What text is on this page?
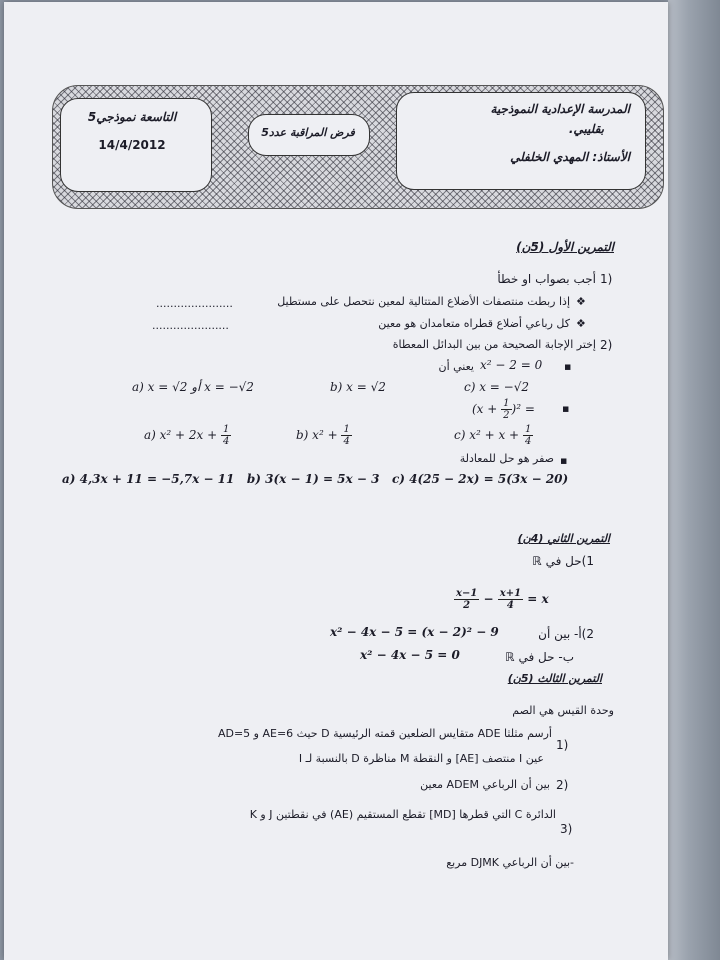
التاسعة نموذجي5
14/4/2012
فرض المراقبة عدد5
المدرسة الإعدادية النموذجية
بقليبي.
الأستاذ: المهدي الخلفلي
التمرين الأول (5ن)
1)
أجب بصواب او خطأ
❖
إذا ربطت منتصفات الأضلاع المتتالية لمعين نتحصل على مستطيل
......................
❖
كل رباعي أضلاع قطراه متعامدان هو معين
......................
2)
إختر الإجابة الصحيحة من بين البدائل المعطاة
▪
x² − 2 = 0
يعني أن
a) x = √2 أو x = −√2	b) x = √2	c) x = −√2
$(x + \frac{1}{2} )^2$ = ▪
a) $x^2 + 2x + \frac{1}{4}$	b) $x^2 + \frac{1}{4}$	c) $x^2 + x + \frac{1}{4}$
▪
صفر هو حل للمعادلة
a) 4,3x + 11 = −5,7x − 11   b) 3(x − 1) = 5x − 3   c) 4(25 − 2x) = 5(3x − 20)
التمرين الثاني (4ن)
1)حل في ℝ
$\frac{x-1}{2} - \frac{x+1}{4} = x$
x² − 4x − 5 = (x − 2)² − 9	2)أ- بين أن
x² − 4x − 5 = 0	ب- حل في ℝ
التمرين الثالث (5ن)
وحدة القيس هي الصم
1)
أرسم مثلثا ADE متقايس الضلعين قمته الرئيسية D حيث AE=6 و AD=5
عين I منتصف [AE] و النقطة M مناظرة D بالنسبة لـ I
2)
بين أن الرباعي ADEM معين
3)
الدائرة C التي قطرها [MD] تقطع المستقيم (AE) في نقطتين J و K
-بين أن الرباعي DJMK مربع
